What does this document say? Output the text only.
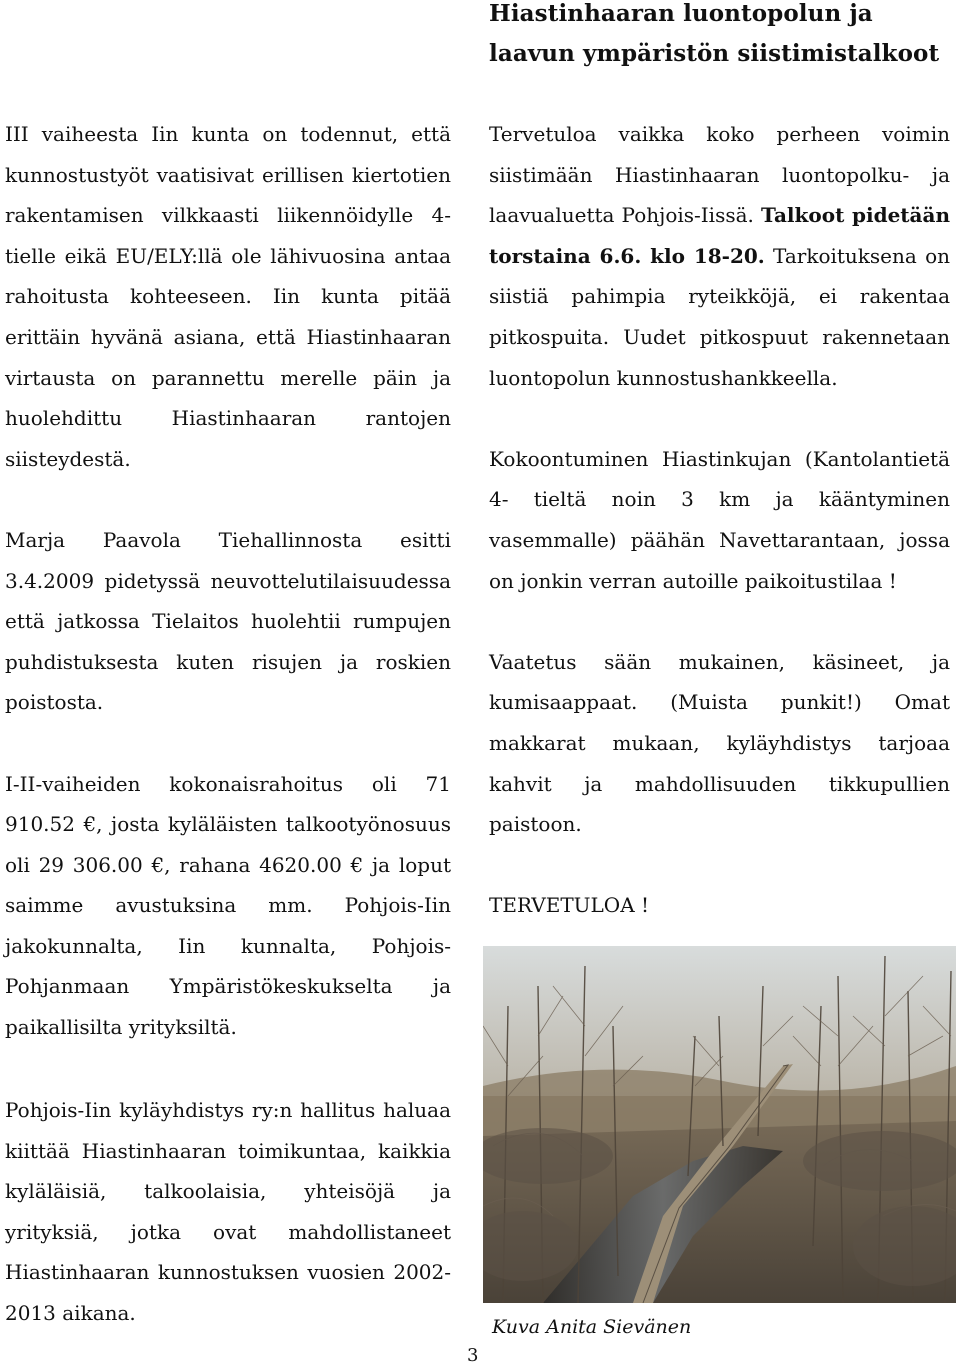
Hiastinhaaran luontopolun ja
laavun ympäristön siistimistalkoot

III vaiheesta Iin kunta on todennut, että kunnostustyöt vaatisivat erillisen kiertotien rakentamisen vilkkaasti liikennöidylle 4-tielle eikä EU/ELY:llä ole lähivuosina antaa rahoitusta kohteeseen. Iin kunta pitää erittäin hyvänä asiana, että Hiastinhaaran virtausta on parannettu merelle päin ja huolehdittu Hiastinhaaran rantojen siisteydestä.

Marja Paavola Tiehallinnosta esitti 3.4.2009 pidetyssä neuvottelutilaisuudessa että jatkossa Tielaitos huolehtii rumpujen puhdistuksesta kuten risujen ja roskien poistosta.

I-II-vaiheiden kokonaisrahoitus oli 71 910.52 €, josta kyläläisten talkootyönosuus oli 29 306.00 €, rahana 4620.00 € ja loput saimme avustuksina mm. Pohjois-Iin jakokunnalta, Iin kunnalta, Pohjois-Pohjanmaan Ympäristökeskukselta ja paikallisilta yrityksiltä.

Pohjois-Iin kyläyhdistys ry:n hallitus haluaa kiittää Hiastinhaaran toimikuntaa, kaikkia kyläläisiä, talkoolaisia, yhteisöjä ja yrityksiä, jotka ovat mahdollistaneet Hiastinhaaran kunnostuksen vuosien 2002-2013 aikana.

Tervetuloa vaikka koko perheen voimin siistimään Hiastinhaaran luontopolku- ja laavualuetta Pohjois-Iissä. Talkoot pidetään torstaina 6.6. klo 18-20. Tarkoituksena on siistiä pahimpia ryteikköjä, ei rakentaa pitkospuita. Uudet pitkospuut rakennetaan luontopolun kunnostushankkeella.

Kokoontuminen Hiastinkujan (Kantolantietä 4- tieltä noin 3 km ja kääntyminen vasemmalle) päähän Navettarantaan, jossa on jonkin verran autoille paikoitustilaa !

Vaatetus sään mukainen, käsineet, ja kumisaappaat. (Muista punkit!) Omat makkarat mukaan, kyläyhdistys tarjoaa kahvit ja mahdollisuuden tikkupullien paistoon.

TERVETULOA !

Kuva Anita Sievänen
3
